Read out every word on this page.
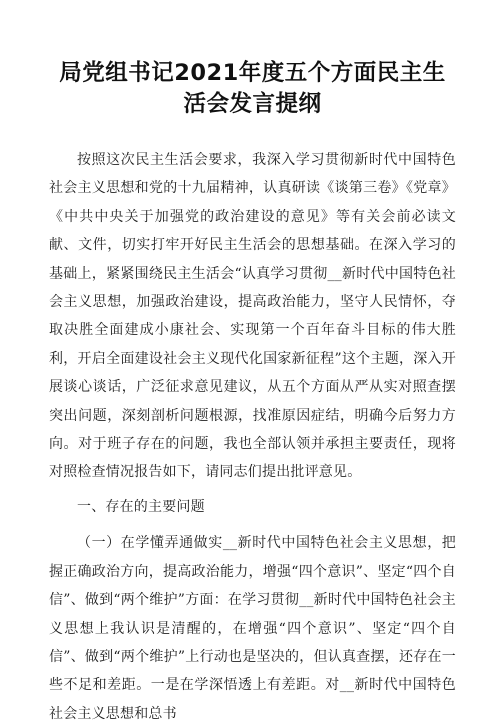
局党组书记2021年度五个方面民主生
活会发言提纲

按照这次民主生活会要求，我深入学习贯彻新时代中国特色社会主义思想和党的十九届精神，认真研读《谈第三卷》《党章》《中共中央关于加强党的政治建设的意见》等有关会前必读文献、文件，切实打牢开好民主生活会的思想基础。在深入学习的基础上，紧紧围绕民主生活会“认真学习贯彻__新时代中国特色社会主义思想，加强政治建设，提高政治能力，坚守人民情怀，夺取决胜全面建成小康社会、实现第一个百年奋斗目标的伟大胜利，开启全面建设社会主义现代化国家新征程”这个主题，深入开展谈心谈话，广泛征求意见建议，从五个方面从严从实对照查摆突出问题，深刻剖析问题根源，找准原因症结，明确今后努力方向。对于班子存在的问题，我也全部认领并承担主要责任，现将对照检查情况报告如下，请同志们提出批评意见。

一、存在的主要问题

（一）在学懂弄通做实__新时代中国特色社会主义思想，把握正确政治方向，提高政治能力，增强“四个意识”、坚定“四个自信”、做到“两个维护”方面：在学习贯彻__新时代中国特色社会主义思想上我认识是清醒的，在增强“四个意识”、坚定“四个自信”、做到“两个维护”上行动也是坚决的，但认真查摆，还存在一些不足和差距。一是在学深悟透上有差距。对__新时代中国特色社会主义思想和总书
